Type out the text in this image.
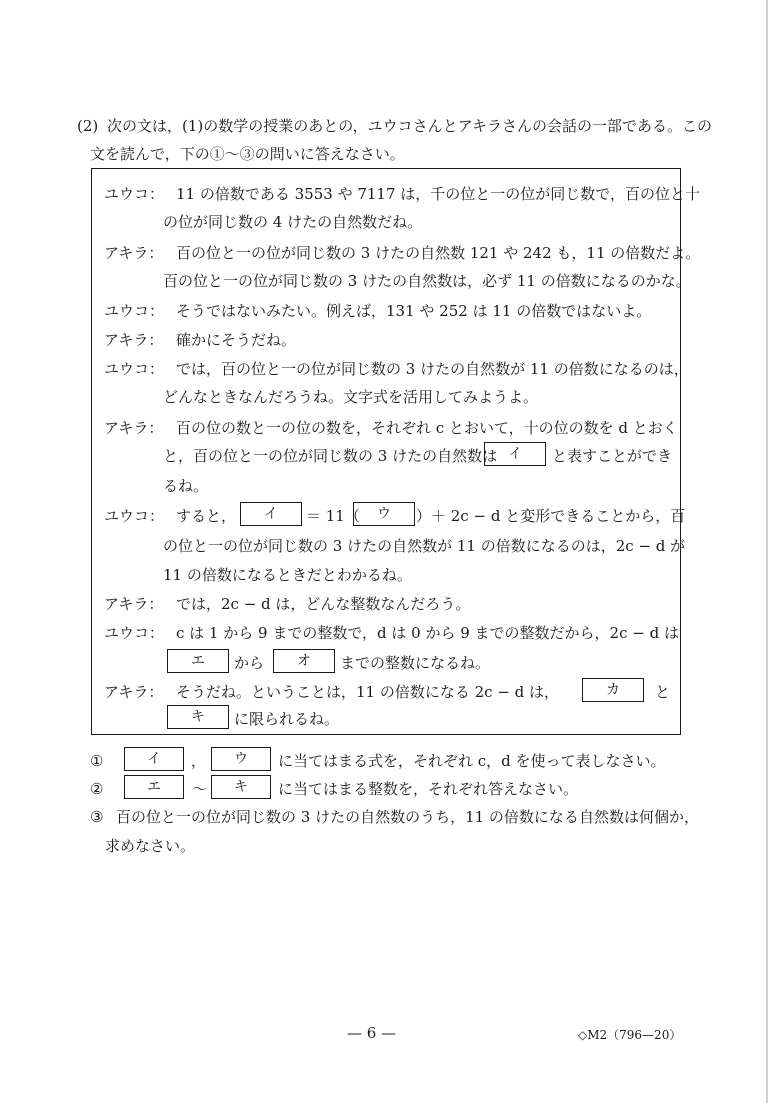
(2) 次の文は，(1)の数学の授業のあとの，ユウコさんとアキラさんの会話の一部である。この
文を読んで，下の①～③の問いに答えなさい。
ユウコ： 11 の倍数である 3553 や 7117 は，千の位と一の位が同じ数で，百の位と十
の位が同じ数の 4 けたの自然数だね。
アキラ： 百の位と一の位が同じ数の 3 けたの自然数 121 や 242 も，11 の倍数だよ。
百の位と一の位が同じ数の 3 けたの自然数は，必ず 11 の倍数になるのかな。
ユウコ： そうではないみたい。例えば，131 や 252 は 11 の倍数ではないよ。
アキラ： 確かにそうだね。
ユウコ： では，百の位と一の位が同じ数の 3 けたの自然数が 11 の倍数になるのは，
どんなときなんだろうね。文字式を活用してみようよ。
アキラ： 百の位の数と一の位の数を，それぞれ c とおいて，十の位の数を d とおく
と，百の位と一の位が同じ数の 3 けたの自然数は イ	と表すことができ
るね。
ユウコ： すると，	イ	＝ 11（	ウ	）＋ 2c − d と変形できることから，百
の位と一の位が同じ数の 3 けたの自然数が 11 の倍数になるのは，2c − d が
11 の倍数になるときだとわかるね。
アキラ： では，2c − d は，どんな整数なんだろう。
ユウコ： c は 1 から 9 までの整数で，d は 0 から 9 までの整数だから，2c − d は
エ	から	オ	までの整数になるね。
アキラ： そうだね。ということは，11 の倍数になる 2c − d は，	カ	と
キ	に限られるね。
①	イ	，	ウ	に当てはまる式を，それぞれ c，d を使って表しなさい。
②	エ	～	キ	に当てはまる整数を，それぞれ答えなさい。
③ 百の位と一の位が同じ数の 3 けたの自然数のうち，11 の倍数になる自然数は何個か，
求めなさい。
— 6 —	◇M2（796—20）
